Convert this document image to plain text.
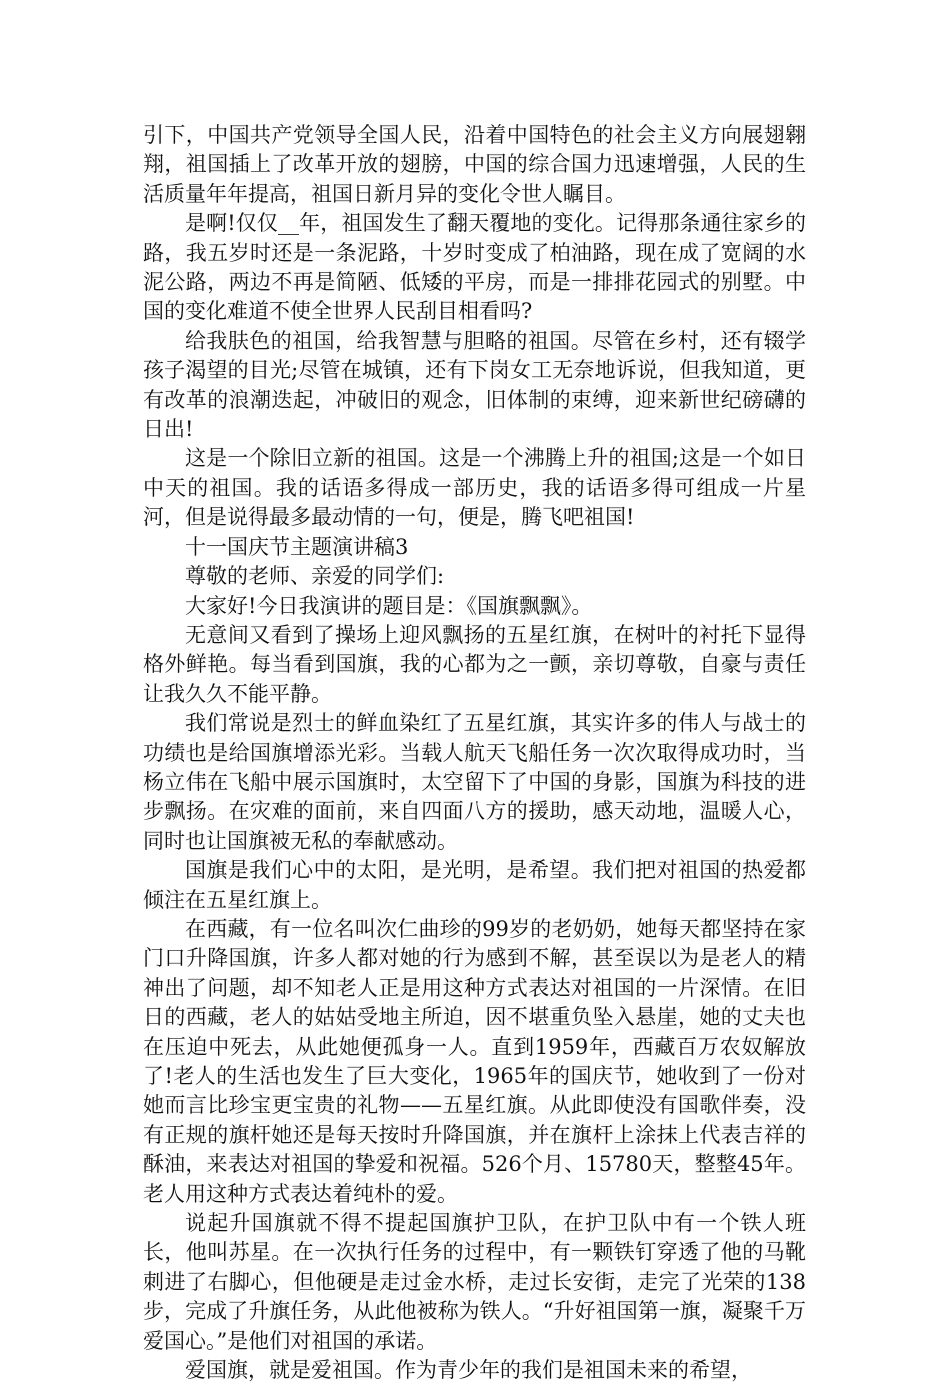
引下，中国共产党领导全国人民，沿着中国特色的社会主义方向展翅翱翔，祖国插上了改革开放的翅膀，中国的综合国力迅速增强，人民的生活质量年年提高，祖国日新月异的变化令世人瞩目。

是啊!仅仅__年，祖国发生了翻天覆地的变化。记得那条通往家乡的路，我五岁时还是一条泥路，十岁时变成了柏油路，现在成了宽阔的水泥公路，两边不再是简陋、低矮的平房，而是一排排花园式的别墅。中国的变化难道不使全世界人民刮目相看吗?

给我肤色的祖国，给我智慧与胆略的祖国。尽管在乡村，还有辍学孩子渴望的目光;尽管在城镇，还有下岗女工无奈地诉说，但我知道，更有改革的浪潮迭起，冲破旧的观念，旧体制的束缚，迎来新世纪磅礴的日出!

这是一个除旧立新的祖国。这是一个沸腾上升的祖国;这是一个如日中天的祖国。我的话语多得成一部历史，我的话语多得可组成一片星河，但是说得最多最动情的一句，便是，腾飞吧祖国!

十一国庆节主题演讲稿3

尊敬的老师、亲爱的同学们:

大家好!今日我演讲的题目是：《国旗飘飘》。

无意间又看到了操场上迎风飘扬的五星红旗，在树叶的衬托下显得格外鲜艳。每当看到国旗，我的心都为之一颤，亲切尊敬，自豪与责任让我久久不能平静。

我们常说是烈士的鲜血染红了五星红旗，其实许多的伟人与战士的功绩也是给国旗增添光彩。当载人航天飞船任务一次次取得成功时，当杨立伟在飞船中展示国旗时，太空留下了中国的身影，国旗为科技的进步飘扬。在灾难的面前，来自四面八方的援助，感天动地，温暖人心，同时也让国旗被无私的奉献感动。

国旗是我们心中的太阳，是光明，是希望。我们把对祖国的热爱都倾注在五星红旗上。

在西藏，有一位名叫次仁曲珍的99岁的老奶奶，她每天都坚持在家门口升降国旗，许多人都对她的行为感到不解，甚至误以为是老人的精神出了问题，却不知老人正是用这种方式表达对祖国的一片深情。在旧日的西藏，老人的姑姑受地主所迫，因不堪重负坠入悬崖，她的丈夫也在压迫中死去，从此她便孤身一人。直到1959年，西藏百万农奴解放了!老人的生活也发生了巨大变化，1965年的国庆节，她收到了一份对她而言比珍宝更宝贵的礼物——五星红旗。从此即使没有国歌伴奏，没有正规的旗杆她还是每天按时升降国旗，并在旗杆上涂抹上代表吉祥的酥油，来表达对祖国的挚爱和祝福。526个月、15780天，整整45年。老人用这种方式表达着纯朴的爱。

说起升国旗就不得不提起国旗护卫队，在护卫队中有一个铁人班长，他叫苏星。在一次执行任务的过程中，有一颗铁钉穿透了他的马靴刺进了右脚心，但他硬是走过金水桥，走过长安街，走完了光荣的138步，完成了升旗任务，从此他被称为铁人。“升好祖国第一旗，凝聚千万爱国心。”是他们对祖国的承诺。

爱国旗，就是爱祖国。作为青少年的我们是祖国未来的希望，
